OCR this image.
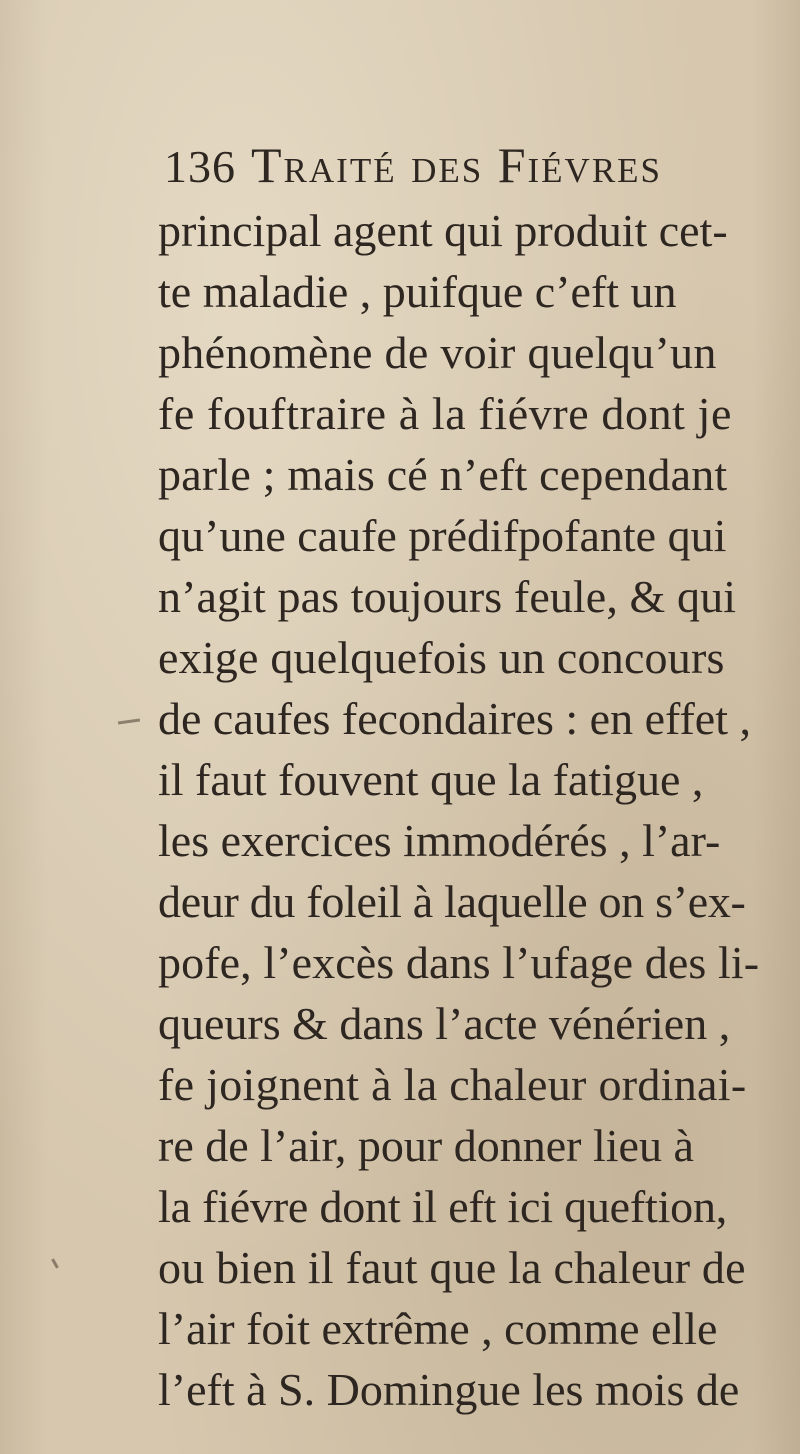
136 Traité des Fiévres
principal agent qui produit cet-
te maladie , puifque c’eft un
phénomène de voir quelqu’un
fe fouftraire à la fiévre dont je
parle ; mais cé n’eft cependant
qu’une caufe prédifpofante qui
n’agit pas toujours feule, & qui
exige quelquefois un concours
de caufes fecondaires : en effet ,
il faut fouvent que la fatigue ,
les exercices immodérés , l’ar-
deur du foleil à laquelle on s’ex-
pofe, l’excès dans l’ufage des li-
queurs & dans l’acte vénérien ,
fe joignent à la chaleur ordinai-
re de l’air, pour donner lieu à
la fiévre dont il eft ici queftion,
ou bien il faut que la chaleur de
l’air foit extrême , comme elle
l’eft à S. Domingue les mois de
